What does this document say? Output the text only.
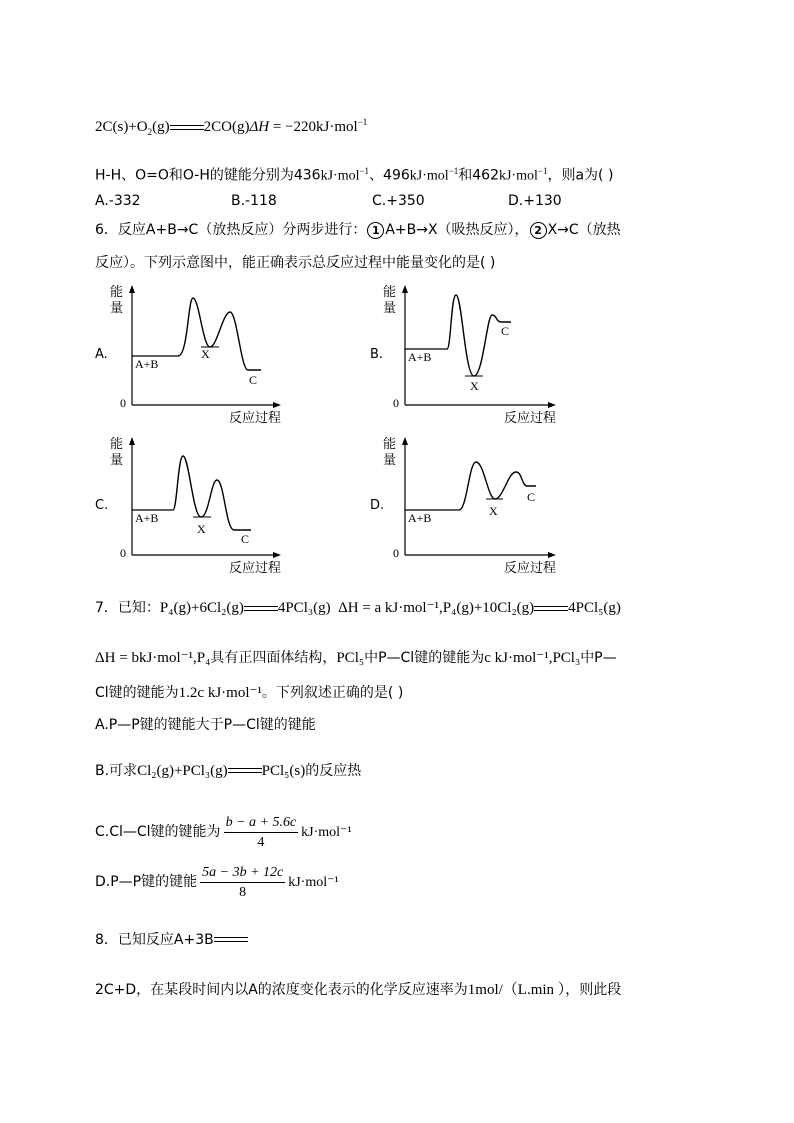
$2C(s)+O_2(g) 2CO(g)\Delta H = -220kJ\cdot mol^{-1}$
H-H、O=O和O-H的键能分别为436kJ·mol$^{-1}$、496kJ·mol$^{-1}$和462kJ·mol$^{-1}$，则a为( )
A.-332	B.-118	C.+350	D.+130
6．反应A+B→C（放热反应）分两步进行： 1 A+B→X（吸热反应）， 2 X→C（放热
反应）。下列示意图中，能正确表示总反应过程中能量变化的是( )
A.
能
量
0
反应过程
A+B
X
C
B.
能
量
0
反应过程
A+B
X
C
C.
能
量
0
反应过程
A+B
X
C
D.
能
量
0
反应过程
A+B	X
C
7．已知：P₄(g)+6Cl₂(g) 4PCl₃(g) ΔH = a kJ·mol⁻¹,P₄(g)+10Cl₂(g) 4PCl₅(g)
ΔH = bkJ·mol⁻¹,P₄具有正四面体结构，PCl₅中P—Cl键的键能为c kJ·mol⁻¹,PCl₃中P—
Cl键的键能为1.2c kJ·mol⁻¹。下列叙述正确的是( )
A.P—P键的键能大于P—Cl键的键能
B.可求Cl₂(g)+PCl₃(g) PCl₅(s)的反应热
C.Cl—Cl键的键能为 $\frac{b - a + 5.6c}{4} kJ\cdot mol^{-1}$
D.P—P键的键能 $\frac{5a - 3b + 12c}{8} kJ\cdot mol^{-1}$
8．已知反应A+3B
2C+D，在某段时间内以A的浓度变化表示的化学反应速率为1mol/（L.min ），则此段
